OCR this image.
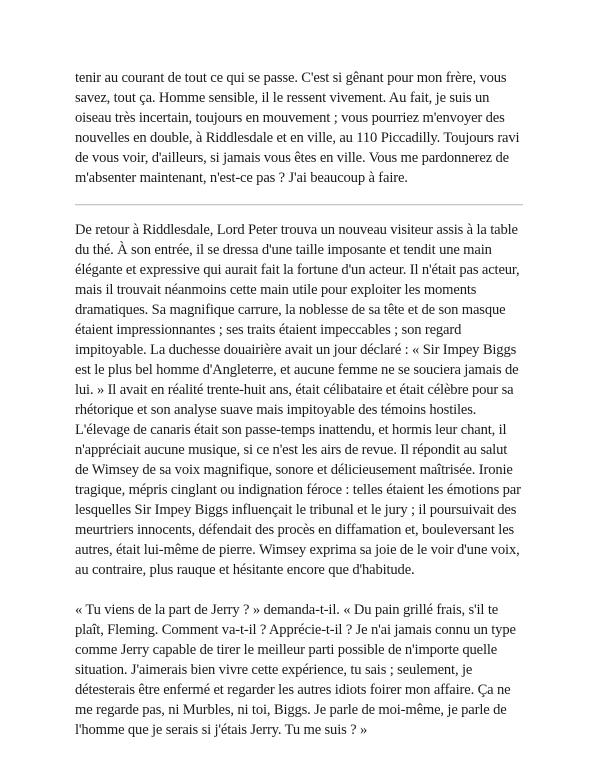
tenir au courant de tout ce qui se passe. C'est si gênant pour mon frère, vous savez, tout ça. Homme sensible, il le ressent vivement. Au fait, je suis un oiseau très incertain, toujours en mouvement ; vous pourriez m'envoyer des nouvelles en double, à Riddlesdale et en ville, au 110 Piccadilly. Toujours ravi de vous voir, d'ailleurs, si jamais vous êtes en ville. Vous me pardonnerez de m'absenter maintenant, n'est-ce pas ? J'ai beaucoup à faire.

De retour à Riddlesdale, Lord Peter trouva un nouveau visiteur assis à la table du thé. À son entrée, il se dressa d'une taille imposante et tendit une main élégante et expressive qui aurait fait la fortune d'un acteur. Il n'était pas acteur, mais il trouvait néanmoins cette main utile pour exploiter les moments dramatiques. Sa magnifique carrure, la noblesse de sa tête et de son masque étaient impressionnantes ; ses traits étaient impeccables ; son regard impitoyable. La duchesse douairière avait un jour déclaré : « Sir Impey Biggs est le plus bel homme d'Angleterre, et aucune femme ne se souciera jamais de lui. » Il avait en réalité trente-huit ans, était célibataire et était célèbre pour sa rhétorique et son analyse suave mais impitoyable des témoins hostiles. L'élevage de canaris était son passe-temps inattendu, et hormis leur chant, il n'appréciait aucune musique, si ce n'est les airs de revue. Il répondit au salut de Wimsey de sa voix magnifique, sonore et délicieusement maîtrisée. Ironie tragique, mépris cinglant ou indignation féroce : telles étaient les émotions par lesquelles Sir Impey Biggs influençait le tribunal et le jury ; il poursuivait des meurtriers innocents, défendait des procès en diffamation et, bouleversant les autres, était lui-même de pierre. Wimsey exprima sa joie de le voir d'une voix, au contraire, plus rauque et hésitante encore que d'habitude.

« Tu viens de la part de Jerry ? » demanda-t-il. « Du pain grillé frais, s'il te plaît, Fleming. Comment va-t-il ? Apprécie-t-il ? Je n'ai jamais connu un type comme Jerry capable de tirer le meilleur parti possible de n'importe quelle situation. J'aimerais bien vivre cette expérience, tu sais ; seulement, je détesterais être enfermé et regarder les autres idiots foirer mon affaire. Ça ne me regarde pas, ni Murbles, ni toi, Biggs. Je parle de moi-même, je parle de l'homme que je serais si j'étais Jerry. Tu me suis ? »
